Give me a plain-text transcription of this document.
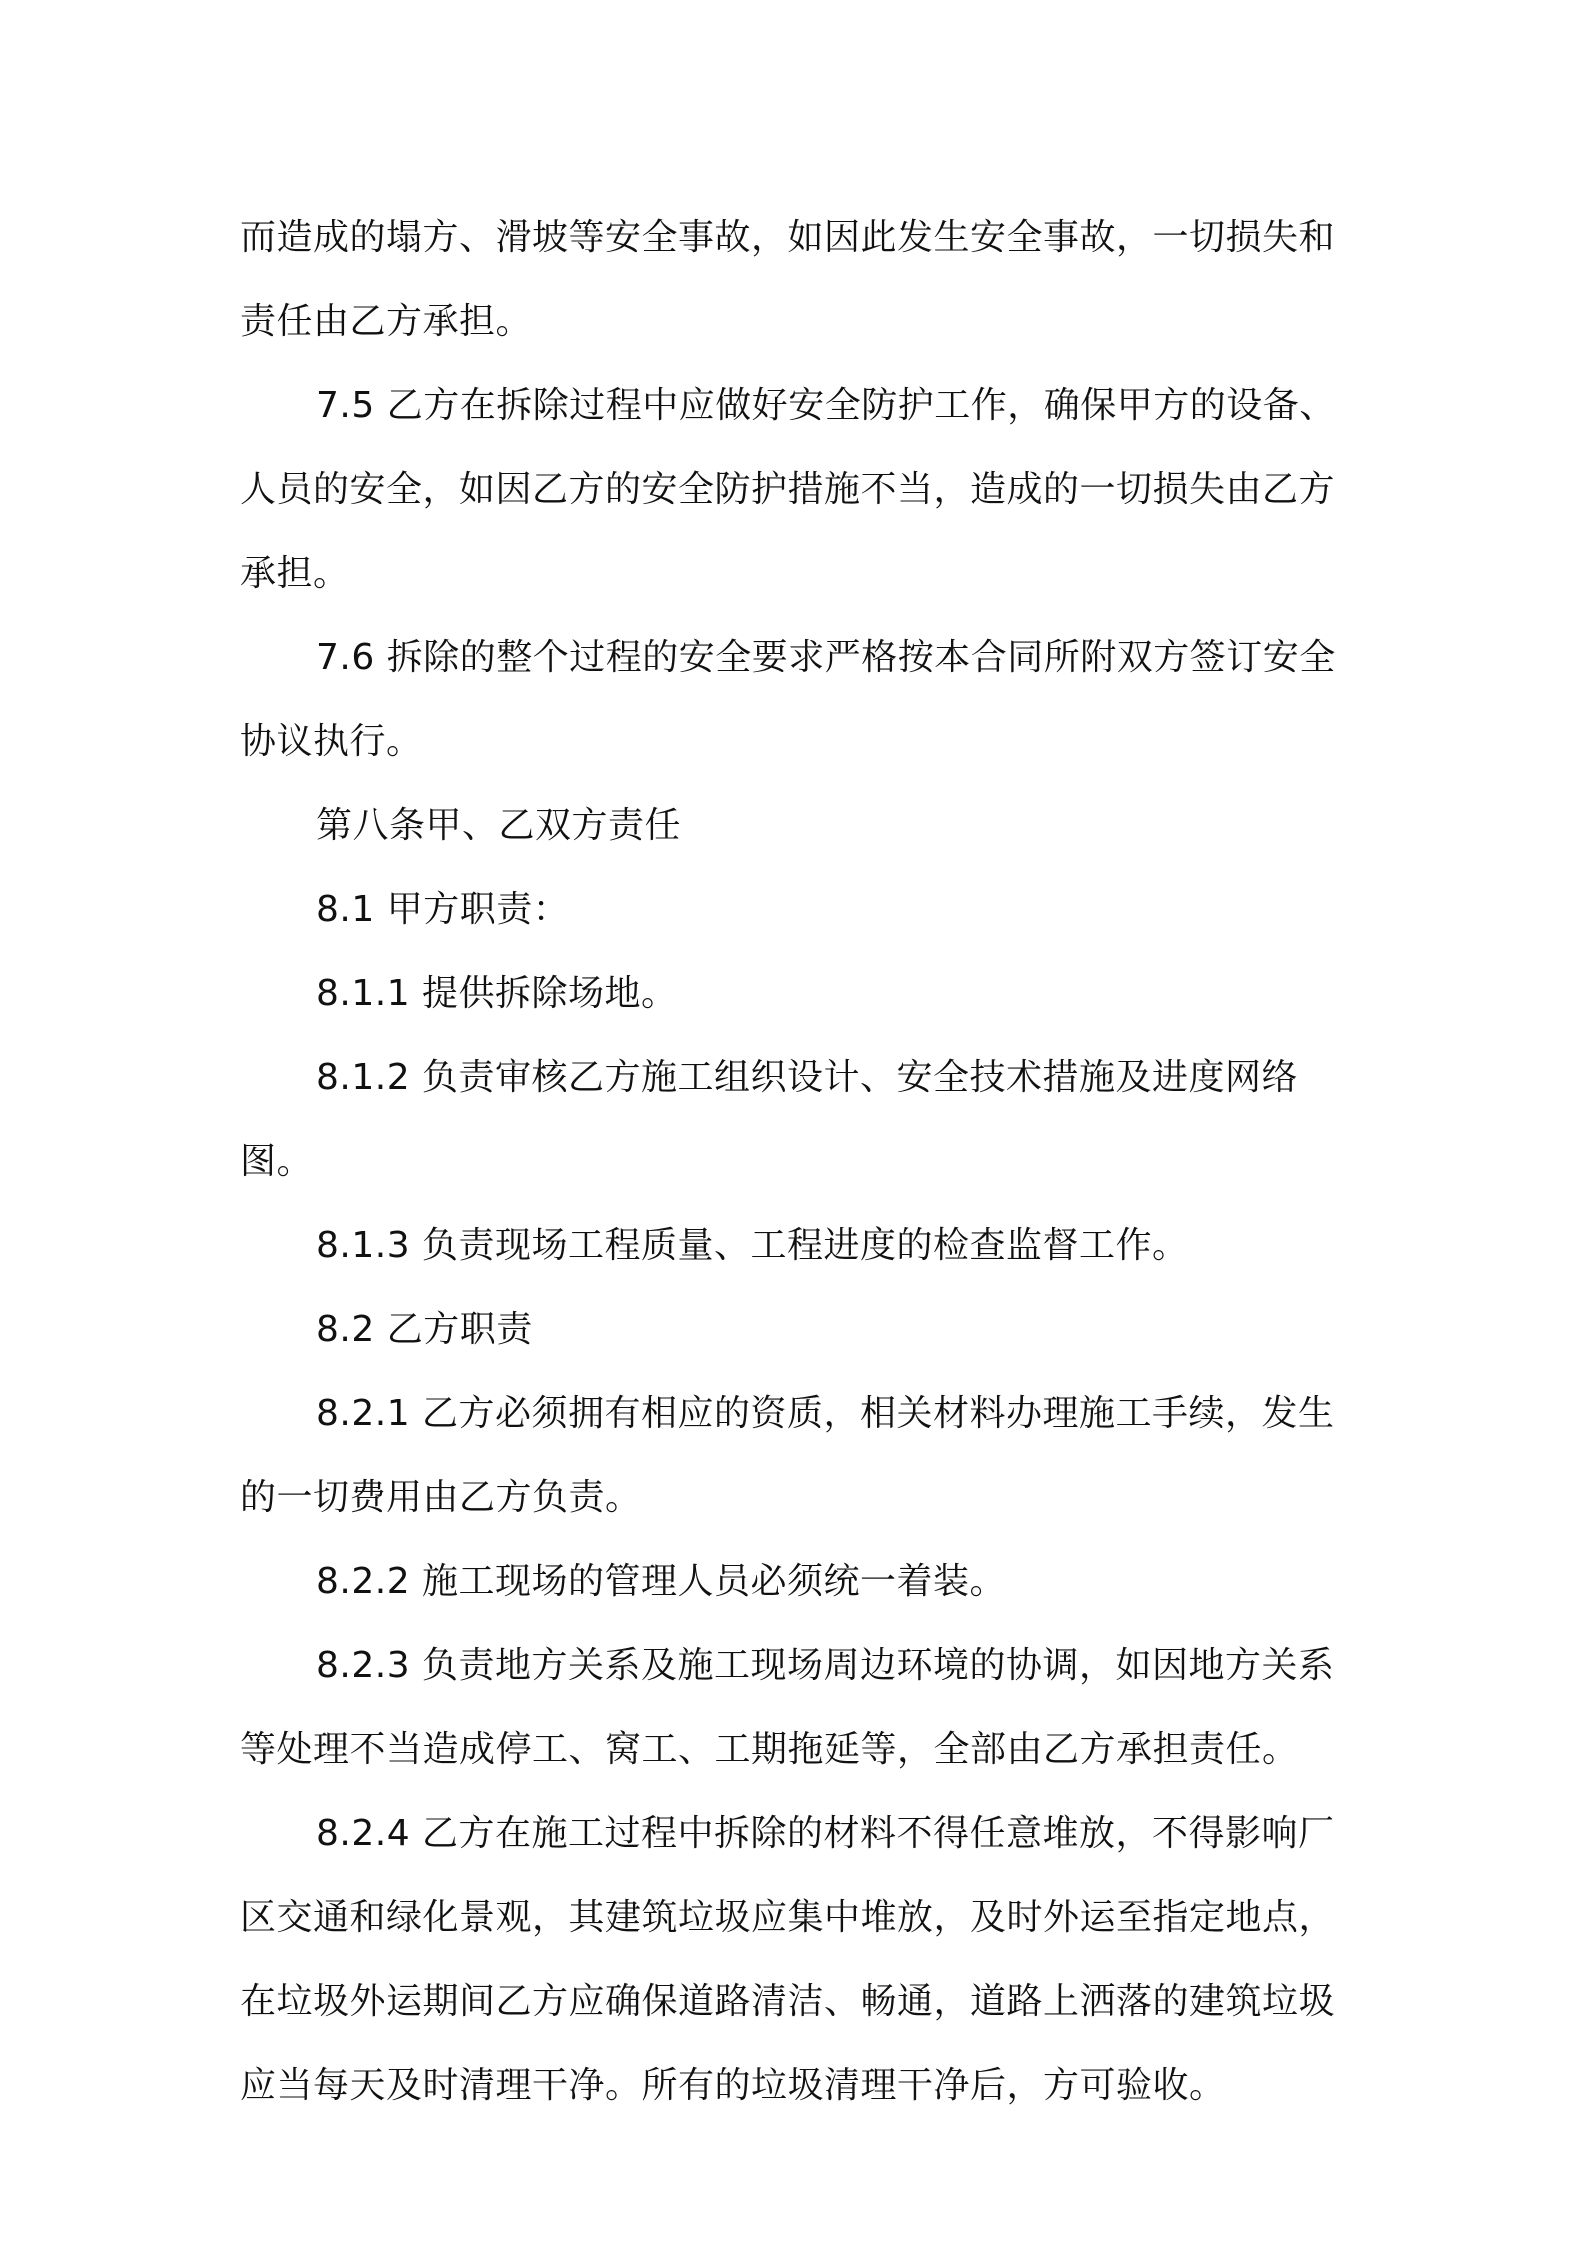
而造成的塌方、滑坡等安全事故，如因此发生安全事故，一切损失和责任由乙方承担。

7.5 乙方在拆除过程中应做好安全防护工作，确保甲方的设备、人员的安全，如因乙方的安全防护措施不当，造成的一切损失由乙方承担。

7.6 拆除的整个过程的安全要求严格按本合同所附双方签订安全协议执行。

第八条甲、乙双方责任

8.1 甲方职责：

8.1.1 提供拆除场地。

8.1.2 负责审核乙方施工组织设计、安全技术措施及进度网络图。

8.1.3 负责现场工程质量、工程进度的检查监督工作。

8.2 乙方职责

8.2.1 乙方必须拥有相应的资质，相关材料办理施工手续，发生的一切费用由乙方负责。

8.2.2 施工现场的管理人员必须统一着装。

8.2.3 负责地方关系及施工现场周边环境的协调，如因地方关系等处理不当造成停工、窝工、工期拖延等，全部由乙方承担责任。

8.2.4 乙方在施工过程中拆除的材料不得任意堆放，不得影响厂区交通和绿化景观，其建筑垃圾应集中堆放，及时外运至指定地点，在垃圾外运期间乙方应确保道路清洁、畅通，道路上洒落的建筑垃圾应当每天及时清理干净。所有的垃圾清理干净后，方可验收。
